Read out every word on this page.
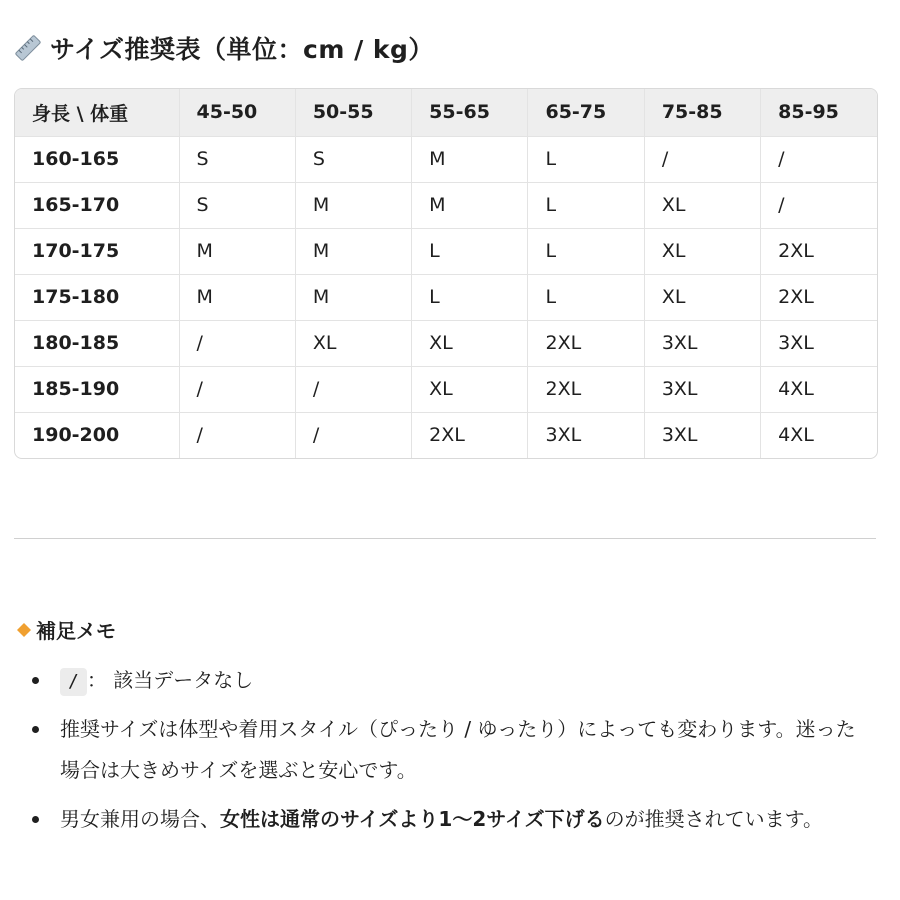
サイズ推奨表（単位：cm / kg）
身長 \ 体重	45-50	50-55	55-65	65-75	75-85	85-95
160-165	S	S	M	L	/	/
165-170	S	M	M	L	XL	/
170-175	M	M	L	L	XL	2XL
175-180	M	M	L	L	XL	2XL
180-185	/	XL	XL	2XL	3XL	3XL
185-190	/	/	XL	2XL	3XL	4XL
190-200	/	/	2XL	3XL	3XL	4XL
補足メモ
/ ： 該当データなし
推奨サイズは体型や着用スタイル（ぴったり / ゆったり）によっても変わります。迷った場合は大きめサイズを選ぶと安心です。
男女兼用の場合、女性は通常のサイズより1〜2サイズ下げるのが推奨されています。
